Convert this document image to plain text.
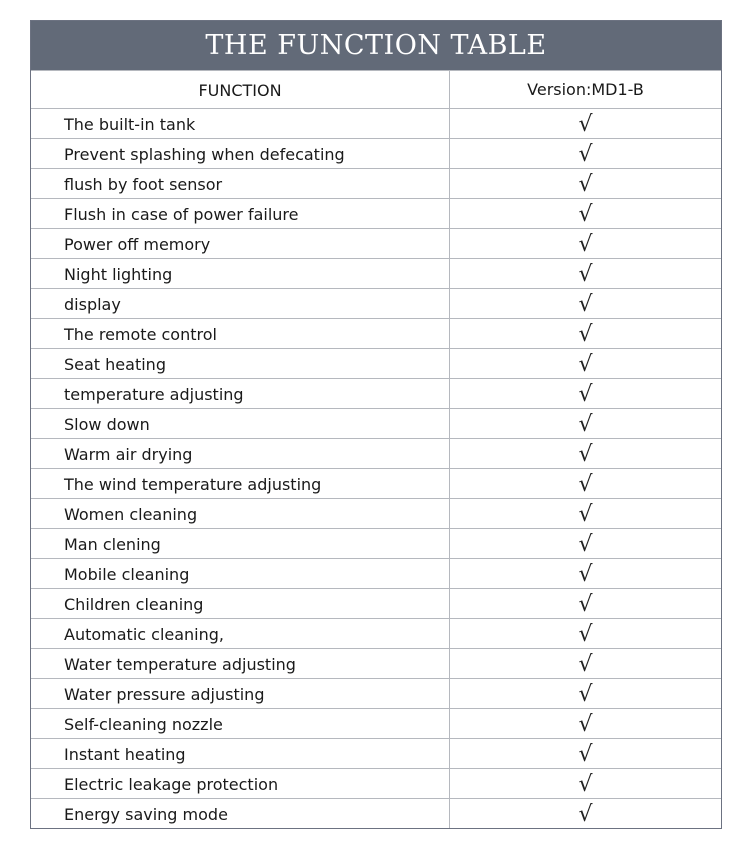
THE FUNCTION TABLE
FUNCTION	Version:MD1-B
The built-in tank	√
Prevent splashing when defecating	√
flush by foot sensor	√
Flush in case of power failure	√
Power off memory	√
Night lighting	√
display	√
The remote control	√
Seat heating	√
temperature adjusting	√
Slow down	√
Warm air drying	√
The wind temperature adjusting	√
Women cleaning	√
Man clening	√
Mobile cleaning	√
Children cleaning	√
Automatic cleaning,	√
Water temperature adjusting	√
Water pressure adjusting	√
Self-cleaning nozzle	√
Instant heating	√
Electric leakage protection	√
Energy saving mode	√
